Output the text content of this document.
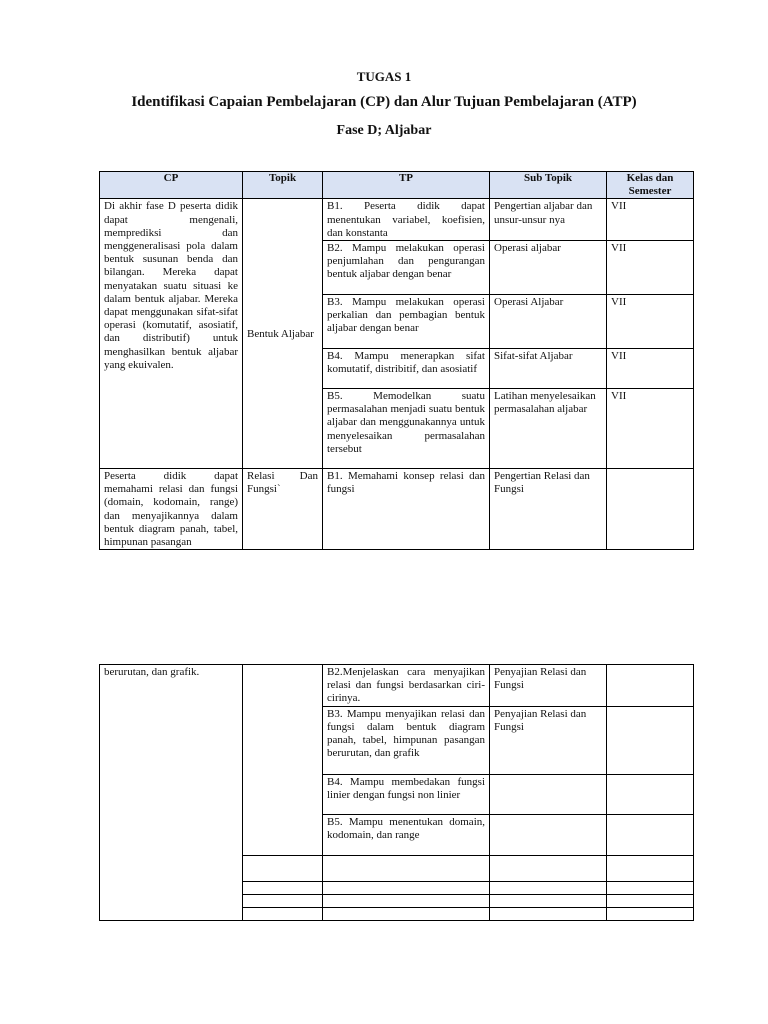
TUGAS 1
Identifikasi Capaian Pembelajaran (CP) dan Alur Tujuan Pembelajaran (ATP)
Fase D; Aljabar
CP	Topik	TP	Sub Topik	Kelas dan Semester
Di akhir fase D peserta didik dapat mengenali, memprediksi dan menggeneralisasi pola dalam bentuk susunan benda dan bilangan. Mereka dapat menyatakan suatu situasi ke dalam bentuk aljabar. Mereka dapat menggunakan sifat-sifat operasi (komutatif, asosiatif, dan distributif) untuk menghasilkan bentuk aljabar yang ekuivalen.	Bentuk Aljabar	B1. Peserta didik dapat menentukan variabel, koefisien, dan konstanta	Pengertian aljabar dan unsur-unsur nya	VII
		B2. Mampu melakukan operasi penjumlahan dan pengurangan bentuk aljabar dengan benar	Operasi aljabar	VII
		B3. Mampu melakukan operasi perkalian dan pembagian bentuk aljabar dengan benar	Operasi Aljabar	VII
		B4. Mampu menerapkan sifat komutatif, distribitif, dan asosiatif	Sifat-sifat Aljabar	VII
		B5. Memodelkan suatu permasalahan menjadi suatu bentuk aljabar dan menggunakannya untuk menyelesaikan permasalahan tersebut	Latihan menyelesaikan permasalahan aljabar	VII
Peserta didik dapat memahami relasi dan fungsi (domain, kodomain, range) dan menyajikannya dalam bentuk diagram panah, tabel, himpunan pasangan	Relasi Dan Fungsi`	B1. Memahami konsep relasi dan fungsi	Pengertian Relasi dan Fungsi	
berurutan, dan grafik.		B2.Menjelaskan cara menyajikan relasi dan fungsi berdasarkan ciri-cirinya.	Penyajian Relasi dan Fungsi	
		B3. Mampu menyajikan relasi dan fungsi dalam bentuk diagram panah, tabel, himpunan pasangan berurutan, dan grafik	Penyajian Relasi dan Fungsi	
		B4. Mampu membedakan fungsi linier dengan fungsi non linier		
		B5. Mampu menentukan domain, kodomain, dan range		
